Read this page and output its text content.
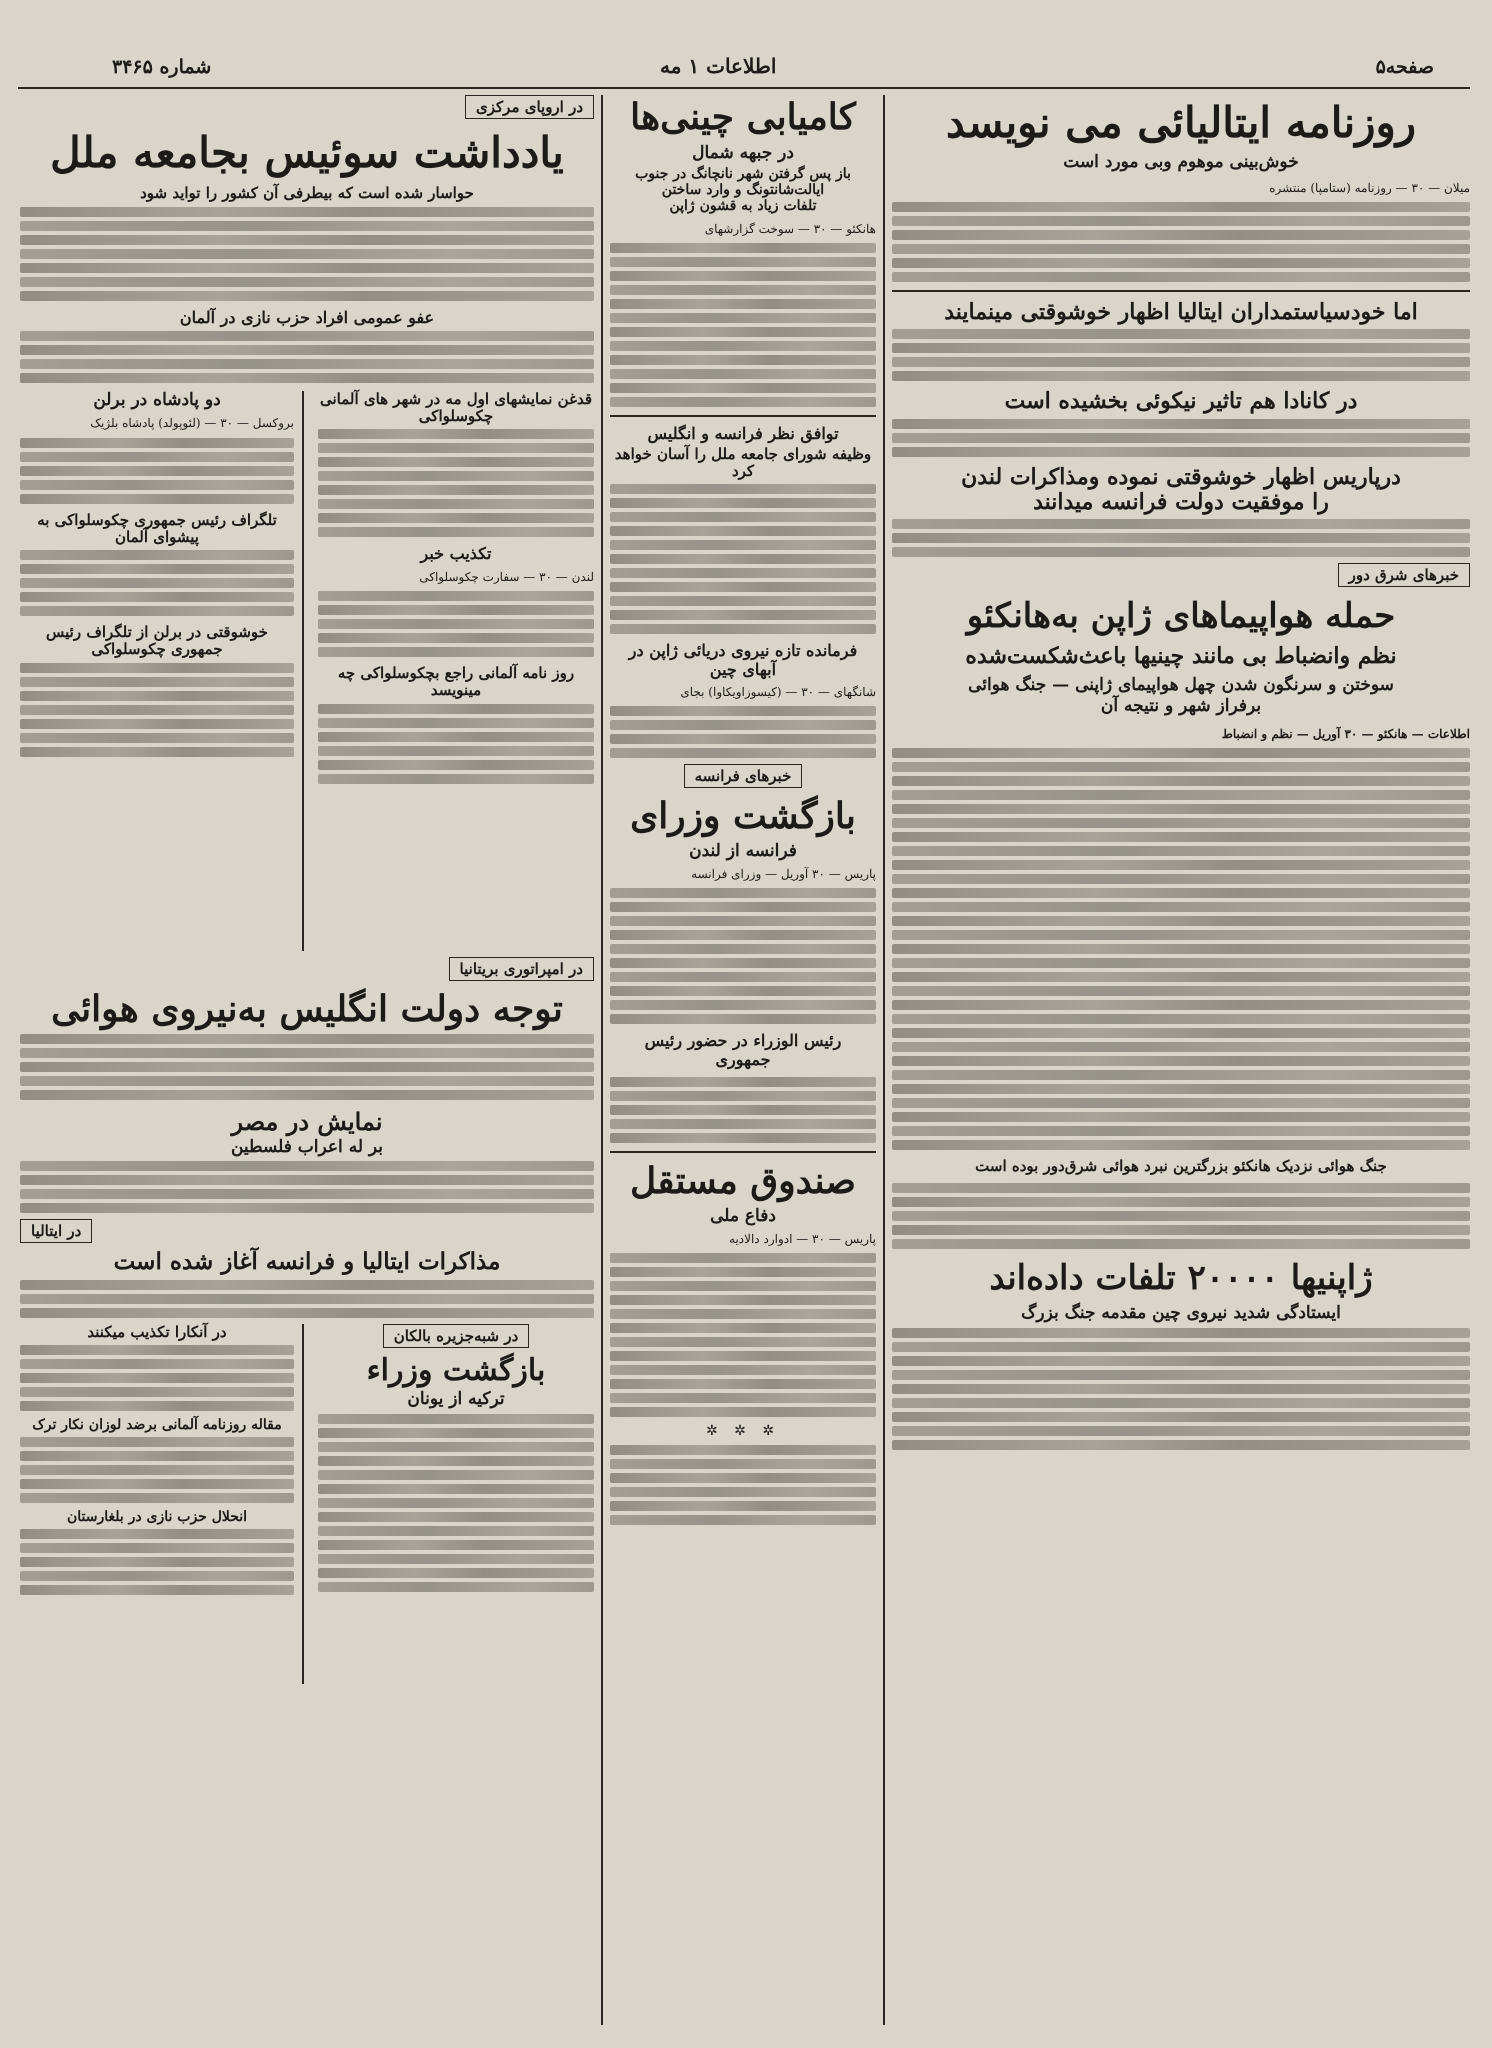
صفحه۵
اطلاعات ۱ مه
شماره ۳۴۶۵
روزنامه ایتالیائی می نویسد
خوش‌بینی موهوم وبی مورد است
میلان — ۳۰ — روزنامه (ستامپا) منتشره
اما خودسیاستمداران ایتالیا اظهار خوشوقتی مینمایند
در کانادا هم تاثیر نیکوئی بخشیده است
درپاریس اظهار خوشوقتی نموده ومذاکرات لندن را موفقیت دولت فرانسه میدانند
خبرهای شرق دور
حمله هواپیماهای ژاپن به‌هانکئو
نظم وانضباط بی مانند چینیها باعث‌شکست‌شده
سوختن و سرنگون شدن چهل هواپیمای ژاپنی — جنگ هوائی
برفراز شهر و نتیجه آن
اطلاعات — هانکئو — ۳۰ آوریل — نظم و انضباط
جنگ هوائی نزدیک هانکئو بزرگترین نبرد هوائی شرق‌دور بوده است
ژاپنیها ۲۰۰۰۰ تلفات داده‌اند
ایستادگی شدید نیروی چین مقدمه جنگ بزرگ
کامیابی چینی‌ها
در جبهه شمال
باز پس گرفتن شهر نانچانگ در جنوب ایالت‌شانتونگ و وارد ساختن
تلفات زیاد به قشون ژاپن
هانکئو — ۳۰ — سوخت گزارشهای
توافق نظر فرانسه و انگلیس
وظیفه شورای جامعه ملل را آسان خواهد کرد
فرمانده تازه نیروی دریائی ژاپن در آبهای چین
شانگهای — ۳۰ — (کیسوزاویکاوا) بجای
خبرهای فرانسه
بازگشت وزرای
فرانسه از لندن
پاریس — ۳۰ آوریل — وزرای فرانسه
رئیس الوزراء در حضور رئیس جمهوری
صندوق مستقل
دفاع ملی
پاریس — ۳۰ — ادوارد دالادیه
✲ ✲ ✲
در اروپای مرکزی
یادداشت سوئیس بجامعه ملل
حواسار شده است که بیطرفی آن کشور را تواید شود
عفو عمومی افراد حزب نازی در آلمان
قدغن نمایشهای اول مه در شهر های آلمانی چکوسلواکی
تکذیب خبر
لندن — ۳۰ — سفارت چکوسلواکی
روز نامه آلمانی راجع بچکوسلواکی چه مینویسد
دو پادشاه در برلن
بروکسل — ۳۰ — (لئوپولد) پادشاه بلژیک
تلگراف رئیس جمهوری چکوسلواکی به پیشوای آلمان
خوشوقتی در برلن از تلگراف رئیس جمهوری چکوسلواکی
در امپراتوری بریتانیا
توجه دولت انگلیس به‌نیروی هوائی
نمایش در مصر
بر له اعراب فلسطین
در ایتالیا
مذاکرات ایتالیا و فرانسه آغاز شده است
در شبه‌جزیره بالکان
بازگشت وزراء
ترکیه از یونان
در آنکارا تکذیب میکنند
مقاله روزنامه آلمانی برضد لوزان نکار ترک
انحلال حزب نازی در بلغارستان
